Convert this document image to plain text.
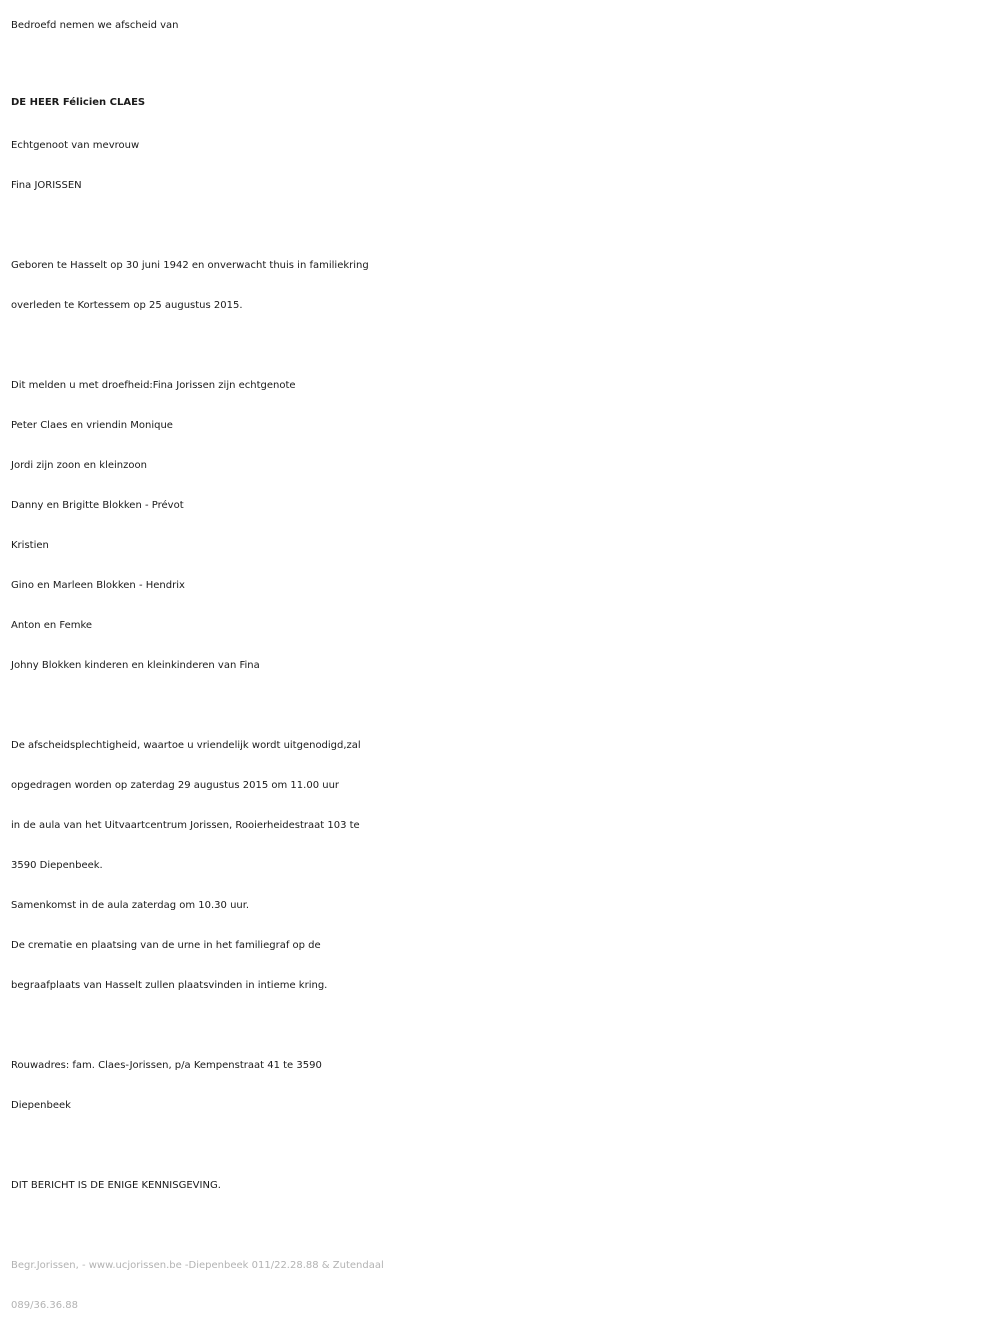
Bedroefd nemen we afscheid van
DE HEER Félicien CLAES
Echtgenoot van mevrouw
Fina JORISSEN
Geboren te Hasselt op 30 juni 1942 en onverwacht thuis in familiekring
overleden te Kortessem op 25 augustus 2015.
Dit melden u met droefheid:Fina Jorissen zijn echtgenote
Peter Claes en vriendin Monique
Jordi zijn zoon en kleinzoon
Danny en Brigitte Blokken - Prévot
Kristien
Gino en Marleen Blokken - Hendrix
Anton en Femke
Johny Blokken kinderen en kleinkinderen van Fina
De afscheidsplechtigheid, waartoe u vriendelijk wordt uitgenodigd,zal
opgedragen worden op zaterdag 29 augustus 2015 om 11.00 uur
in de aula van het Uitvaartcentrum Jorissen, Rooierheidestraat 103 te
3590 Diepenbeek.
Samenkomst in de aula zaterdag om 10.30 uur.
De crematie en plaatsing van de urne in het familiegraf op de
begraafplaats van Hasselt zullen plaatsvinden in intieme kring.
Rouwadres: fam. Claes-Jorissen, p/a Kempenstraat 41 te 3590
Diepenbeek
DIT BERICHT IS DE ENIGE KENNISGEVING.
Begr.Jorissen, - www.ucjorissen.be -Diepenbeek 011/22.28.88 & Zutendaal
089/36.36.88
